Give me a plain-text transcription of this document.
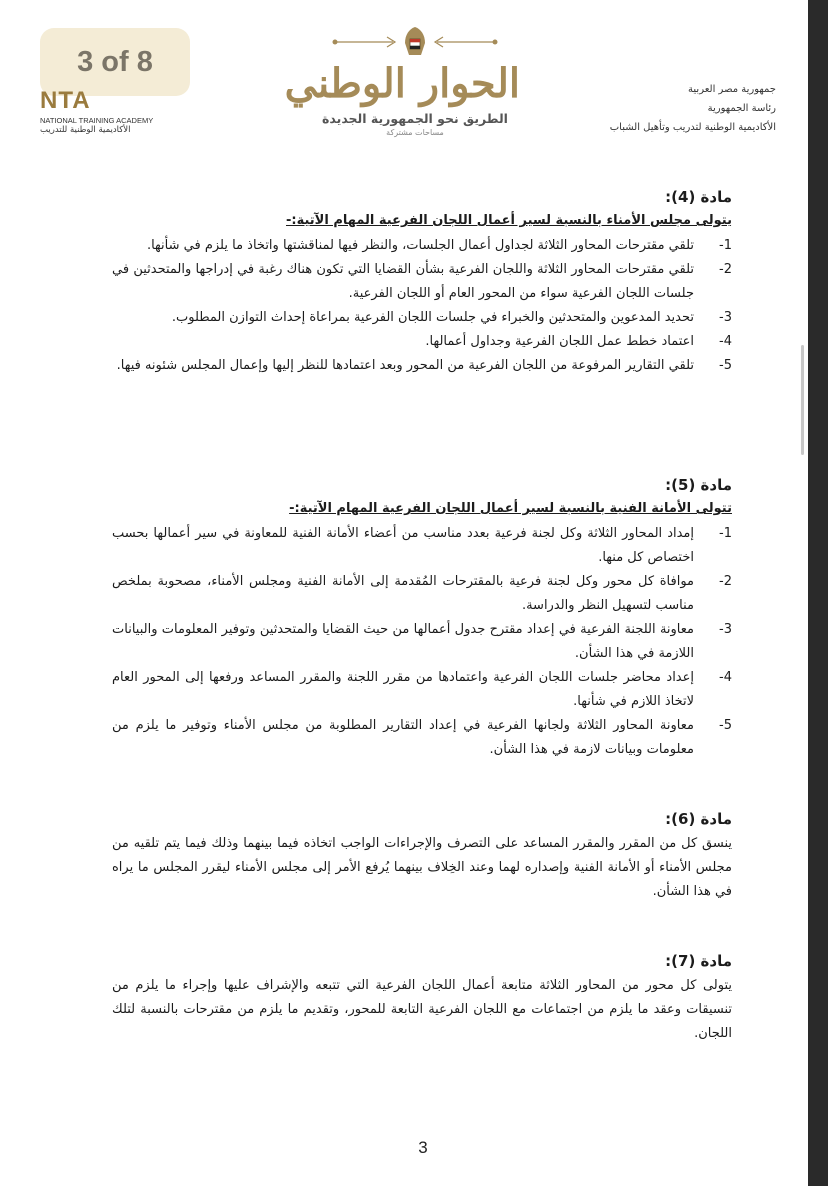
3 of 8
NTA
NATIONAL TRAINING ACADEMY
الأكاديمية الوطنية للتدريب
الحوار الوطني
الطريق نحو الجمهورية الجديدة
مساحات مشتركة
جمهورية مصر العربية
رئاسة الجمهورية
الأكاديمية الوطنية لتدريب وتأهيل الشباب
مادة (4):
يتولى مجلس الأمناء بالنسبة لسير أعمال اللجان الفرعية المهام الآتية:-
-1
تلقي مقترحات المحاور الثلاثة لجداول أعمال الجلسات، والنظر فيها لمناقشتها واتخاذ ما يلزم في شأنها.
-2
تلقي مقترحات المحاور الثلاثة واللجان الفرعية بشأن القضايا التي تكون هناك رغبة في إدراجها والمتحدثين في جلسات اللجان الفرعية سواء من المحور العام أو اللجان الفرعية.
-3
تحديد المدعوين والمتحدثين والخبراء في جلسات اللجان الفرعية بمراعاة إحداث التوازن المطلوب.
-4
اعتماد خطط عمل اللجان الفرعية وجداول أعمالها.
-5
تلقي التقارير المرفوعة من اللجان الفرعية من المحور وبعد اعتمادها للنظر إليها وإعمال المجلس شئونه فيها.
مادة (5):
تتولى الأمانة الفنية بالنسبة لسير أعمال اللجان الفرعية المهام الآتية:-
-1
إمداد المحاور الثلاثة وكل لجنة فرعية بعدد مناسب من أعضاء الأمانة الفنية للمعاونة في سير أعمالها بحسب اختصاص كل منها.
-2
موافاة كل محور وكل لجنة فرعية بالمقترحات المُقدمة إلى الأمانة الفنية ومجلس الأمناء، مصحوبة بملخص مناسب لتسهيل النظر والدراسة.
-3
معاونة اللجنة الفرعية في إعداد مقترح جدول أعمالها من حيث القضايا والمتحدثين وتوفير المعلومات والبيانات اللازمة في هذا الشأن.
-4
إعداد محاضر جلسات اللجان الفرعية واعتمادها من مقرر اللجنة والمقرر المساعد ورفعها إلى المحور العام لاتخاذ اللازم في شأنها.
-5
معاونة المحاور الثلاثة ولجانها الفرعية في إعداد التقارير المطلوبة من مجلس الأمناء وتوفير ما يلزم من معلومات وبيانات لازمة في هذا الشأن.
مادة (6):
ينسق كل من المقرر والمقرر المساعد على التصرف والإجراءات الواجب اتخاذه فيما بينهما وذلك فيما يتم تلقيه من مجلس الأمناء أو الأمانة الفنية وإصداره لهما وعند الخِلاف بينهما يُرفع الأمر إلى مجلس الأمناء ليقرر المجلس ما يراه في هذا الشأن.
مادة (7):
يتولى كل محور من المحاور الثلاثة متابعة أعمال اللجان الفرعية التي تتبعه والإشراف عليها وإجراء ما يلزم من تنسيقات وعقد ما يلزم من اجتماعات مع اللجان الفرعية التابعة للمحور، وتقديم ما يلزم من مقترحات بالنسبة لتلك اللجان.
3
